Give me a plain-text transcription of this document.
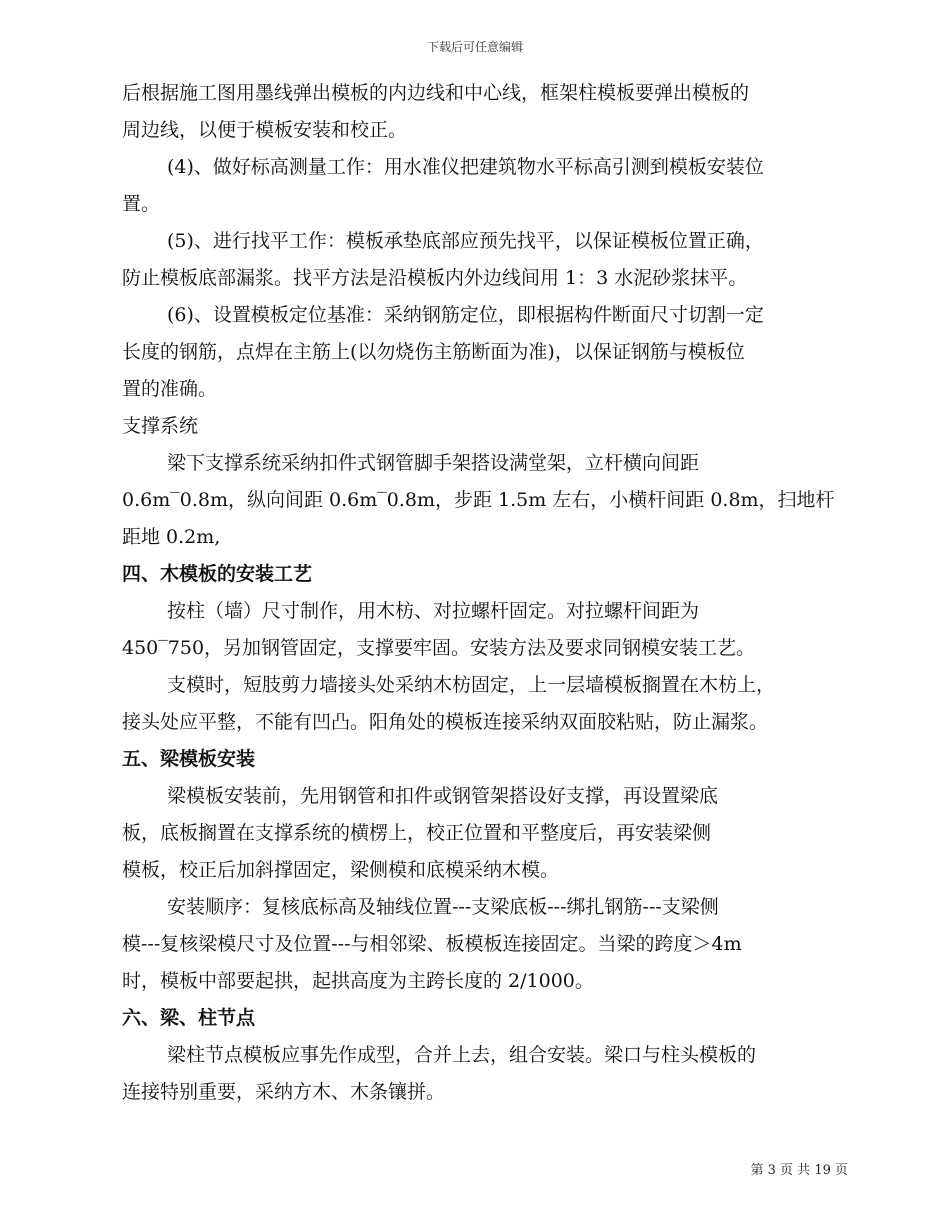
下载后可任意编辑
后根据施工图用墨线弹出模板的内边线和中心线，框架柱模板要弹出模板的
周边线，以便于模板安装和校正。
(4)、做好标高测量工作：用水准仪把建筑物水平标高引测到模板安装位
置。
(5)、进行找平工作：模板承垫底部应预先找平，以保证模板位置正确，
防止模板底部漏浆。找平方法是沿模板内外边线间用 1：3 水泥砂浆抹平。
(6)、设置模板定位基准：采纳钢筋定位，即根据构件断面尺寸切割一定
长度的钢筋，点焊在主筋上(以勿烧伤主筋断面为准)，以保证钢筋与模板位
置的准确。
支撑系统
梁下支撑系统采纳扣件式钢管脚手架搭设满堂架，立杆横向间距
0.6m‾0.8m，纵向间距 0.6m‾0.8m，步距 1.5m 左右，小横杆间距 0.8m，扫地杆
距地 0.2m,
四、木模板的安装工艺
按柱（墙）尺寸制作，用木枋、对拉螺杆固定。对拉螺杆间距为
450‾750，另加钢管固定，支撑要牢固。安装方法及要求同钢模安装工艺。
支模时，短肢剪力墙接头处采纳木枋固定，上一层墙模板搁置在木枋上，
接头处应平整，不能有凹凸。阳角处的模板连接采纳双面胶粘贴，防止漏浆。
五、梁模板安装
梁模板安装前，先用钢管和扣件或钢管架搭设好支撑，再设置梁底
板，底板搁置在支撑系统的横楞上，校正位置和平整度后，再安装梁侧
模板，校正后加斜撑固定，梁侧模和底模采纳木模。
安装顺序：复核底标高及轴线位置---支梁底板---绑扎钢筋---支梁侧
模---复核梁模尺寸及位置---与相邻梁、板模板连接固定。当梁的跨度＞4m
时，模板中部要起拱，起拱高度为主跨长度的 2/1000。
六、梁、柱节点
梁柱节点模板应事先作成型，合并上去，组合安装。梁口与柱头模板的
连接特别重要，采纳方木、木条镶拼。
第 3 页 共 19 页
